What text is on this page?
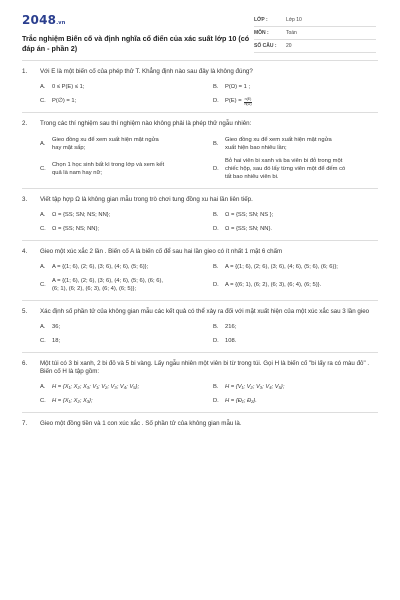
2048.vn
Trắc nghiệm Biến cố và định nghĩa cổ điển của xác suất lớp 10 (có đáp án - phần 2)
LỚP :	Lớp 10
MÔN :	Toán
SỐ CÂU :	20
1.	Với E là một biến cố của phép thử T. Khẳng định nào sau đây là không đúng?
A.	0 ≤ P(E) ≤ 1;	B.	P(Ω) = 1 ;
C.	P(∅) = 1;	D.	$P(E) = \frac{n(E)}{n(\Omega)}$
2.	Trong các thí nghiệm sau thí nghiệm nào không phải là phép thử ngẫu nhiên:
A.
Gieo đồng xu để xem xuất hiện mặt ngửa hay mặt sấp;
B.
Gieo đồng xu để xem xuất hiện mặt ngửa xuất hiện bao nhiêu lần;
C.
Chọn 1 học sinh bất kì trong lớp và xem kết quả là nam hay nữ;
D.
Bỏ hai viên bi xanh và ba viên bi đỏ trong một chiếc hộp, sau đó lấy từng viên một để đếm có tất bao nhiêu viên bi.
3.	Viết tập hợp Ω là không gian mẫu trong trò chơi tung đồng xu hai lần liên tiếp.
A.	Ω = {SS; SN; NS; NN};	B.	Ω = {SS; SN; NS };
C.	Ω = {SS; NS; NN};	D.	Ω = {SS; SN; NN}.
4.	Gieo một xúc xắc 2 lần . Biến cố A là biến cố để sau hai lần gieo có ít nhất 1 mặt 6 chấm
A.	A = {(1; 6), (2; 6), (3; 6), (4; 6), (5; 6)};	B.	A = {(1; 6), (2; 6), (3; 6), (4; 6), (5; 6), (6; 6)};
C.
A = {(1; 6), (2; 6), (3; 6), (4; 6), (5; 6), (6; 6), (6; 1), (6; 2), (6; 3), (6; 4), (6; 5)};
D.	A = {(6; 1), (6; 2), (6; 3), (6; 4), (6; 5)}.
5.	Xác định số phần tử của không gian mẫu các kết quả có thể xảy ra đối với mặt xuất hiện của một xúc xắc sau 3 lần gieo
A.	36;	B.	216;
C.	18;	D.	108.
6.	Một túi có 3 bi xanh, 2 bi đỏ và 5 bi vàng. Lấy ngẫu nhiên một viên bi từ trong túi. Gọi H là biến cố "bi lấy ra có màu đỏ" . Biến cố H là tập gồm:
A.	H = {X₁; X₂; X₃; V₁; V₂; V₃; V₄; V₅};	B.	H = {V₁; V₂; V₃; V₄; V₅};
C.	H = {X₁; X₂; X₃};	D.	H = {Đ₁; Đ₂}.
7.	Gieo một đồng tiền và 1 con xúc xắc . Số phần tử của không gian mẫu là.
